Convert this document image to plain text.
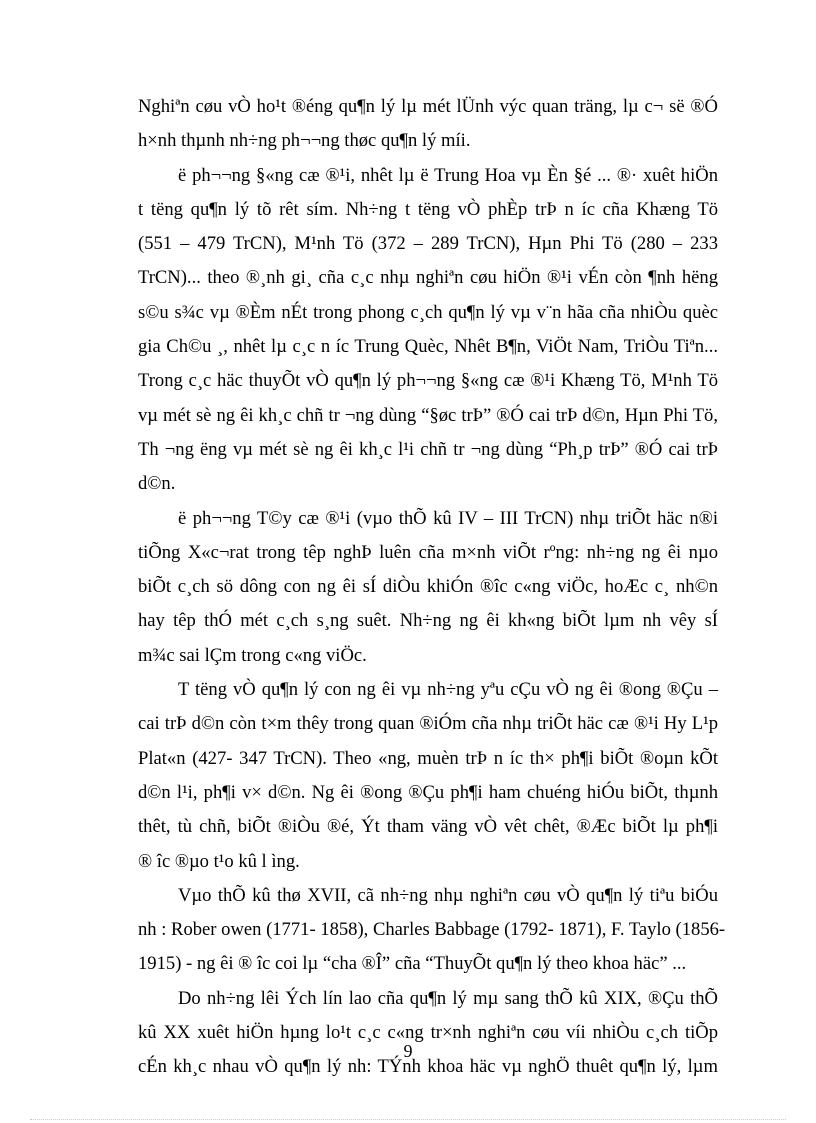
Nghiªn cøu vÒ ho¹t ®éng qu¶n lý lµ mét lÜnh výc quan träng, lµ c¬ së ®Ó
h×nh thµnh nh÷ng ph¬¬ng thøc qu¶n lý míi.
ë ph¬¬ng §«ng cæ ®¹i, nhêt lµ ë Trung Hoa vµ Èn §é ... ®· xuêt hiÖn
t tëng qu¶n lý tõ rêt sím. Nh÷ng t tëng vÒ phÈp trÞ n íc cña Khæng Tö
(551 – 479 TrCN), M¹nh Tö (372 – 289 TrCN), Hµn Phi Tö (280 – 233
TrCN)... theo ®¸nh gi¸ cña c¸c nhµ nghiªn cøu hiÖn ®¹i vÉn còn ¶nh hëng
s©u s¾c vµ ®Èm nÉt trong phong c¸ch qu¶n lý vµ v¨n hãa cña nhiÒu quèc
gia Ch©u ¸, nhêt lµ c¸c n íc Trung Quèc, Nhêt B¶n, ViÖt Nam, TriÒu Tiªn...
Trong c¸c häc thuyÕt vÒ qu¶n lý ph¬¬ng §«ng cæ ®¹i Khæng Tö, M¹nh Tö
vµ mét sè ng êi kh¸c chñ tr ¬ng dùng “§øc trÞ” ®Ó cai trÞ d©n, Hµn Phi Tö,
Th ¬ng ëng vµ mét sè ng êi kh¸c l¹i chñ tr ¬ng dùng “Ph¸p trÞ” ®Ó cai trÞ
d©n.
ë ph¬¬ng T©y cæ ®¹i (vµo thÕ kû IV – III TrCN) nhµ triÕt häc n®i
tiÕng X«c¬rat trong têp nghÞ luên cña m×nh viÕt rºng: nh÷ng ng êi nµo
biÕt c¸ch sö dông con ng êi sÍ diÒu khiÓn ®îc c«ng viÖc, hoÆc c¸ nh©n
hay têp thÓ mét c¸ch s¸ng suêt. Nh÷ng ng êi kh«ng biÕt lµm nh vêy sÍ
m¾c sai lÇm trong c«ng viÖc.
T tëng vÒ qu¶n lý con ng êi vµ nh÷ng yªu cÇu vÒ ng êi ®ong ®Çu –
cai trÞ d©n còn t×m thêy trong quan ®iÓm cña nhµ triÕt häc cæ ®¹i Hy L¹p
Plat«n (427- 347 TrCN). Theo «ng, muèn trÞ n íc th× ph¶i biÕt ®oµn kÕt
d©n l¹i, ph¶i v× d©n. Ng êi ®ong ®Çu ph¶i ham chuéng hiÓu biÕt, thµnh
thêt, tù chñ, biÕt ®iÒu ®é, Ýt tham väng vÒ vêt chêt, ®Æc biÕt lµ ph¶i
® îc ®µo t¹o kû l ìng.
Vµo thÕ kû thø XVII, cã nh÷ng nhµ nghiªn cøu vÒ qu¶n lý tiªu biÓu
nh : Rober owen (1771- 1858), Charles Babbage (1792- 1871), F. Taylo (1856-
1915) - ng êi ® îc coi lµ “cha ®Î” cña “ThuyÕt qu¶n lý theo khoa häc” ...
Do nh÷ng lêi Ých lín lao cña qu¶n lý mµ sang thÕ kû XIX, ®Çu thÕ
kû XX xuêt hiÖn hµng lo¹t c¸c c«ng tr×nh nghiªn cøu víi nhiÒu c¸ch tiÕp
cÉn kh¸c nhau vÒ qu¶n lý nh: TÝnh khoa häc vµ nghÖ thuêt qu¶n lý, lµm
9
